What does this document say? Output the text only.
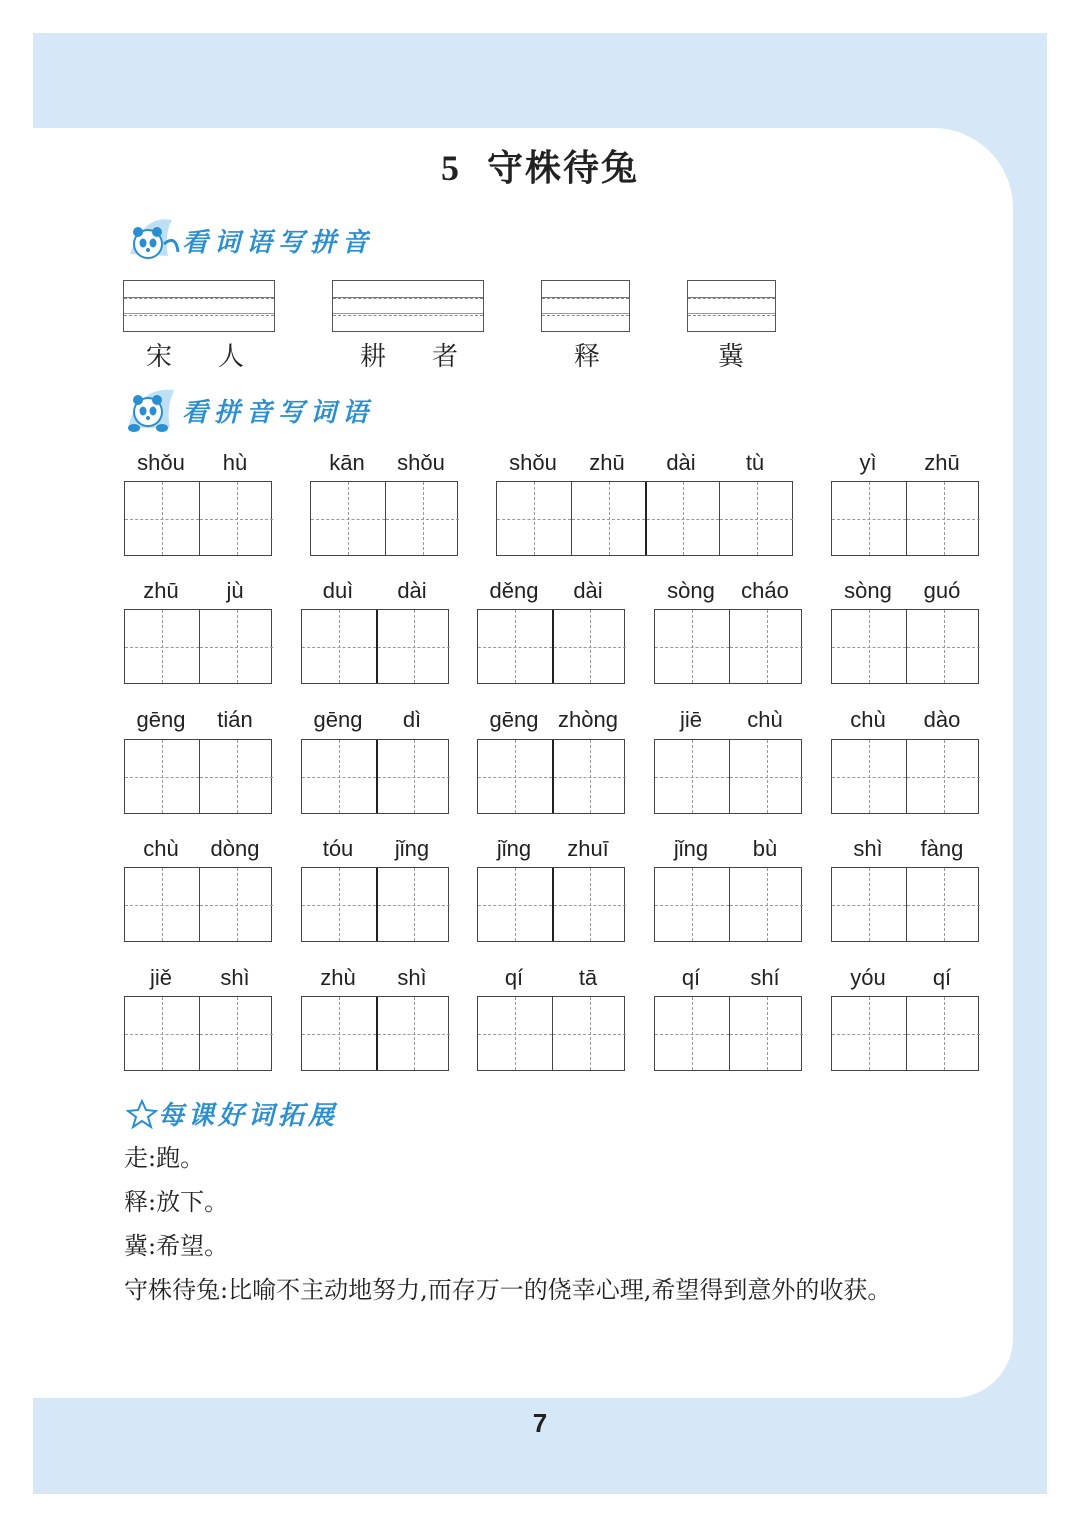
5 守株待兔
看词语写拼音
宋 人	耕 者	释	冀
看拼音写词语
shǒu	hù	kān	shǒu	shǒu	zhū	dài	tù	yì	zhū
zhū	jù	duì	dài	děng	dài	sòng	cháo	sòng	guó
gēng	tián	gēng	dì	gēng zhòng	jiē	chù	chù	dào
chù	dòng	tóu	jǐng	jǐng	zhuī	jǐng	bù	shì	fàng
jiě	shì	zhù	shì	qí	tā	qí	shí	yóu	qí
每课好词拓展
走:跑。
释:放下。
冀:希望。
守株待兔:比喻不主动地努力,而存万一的侥幸心理,希望得到意外的收获。
7
